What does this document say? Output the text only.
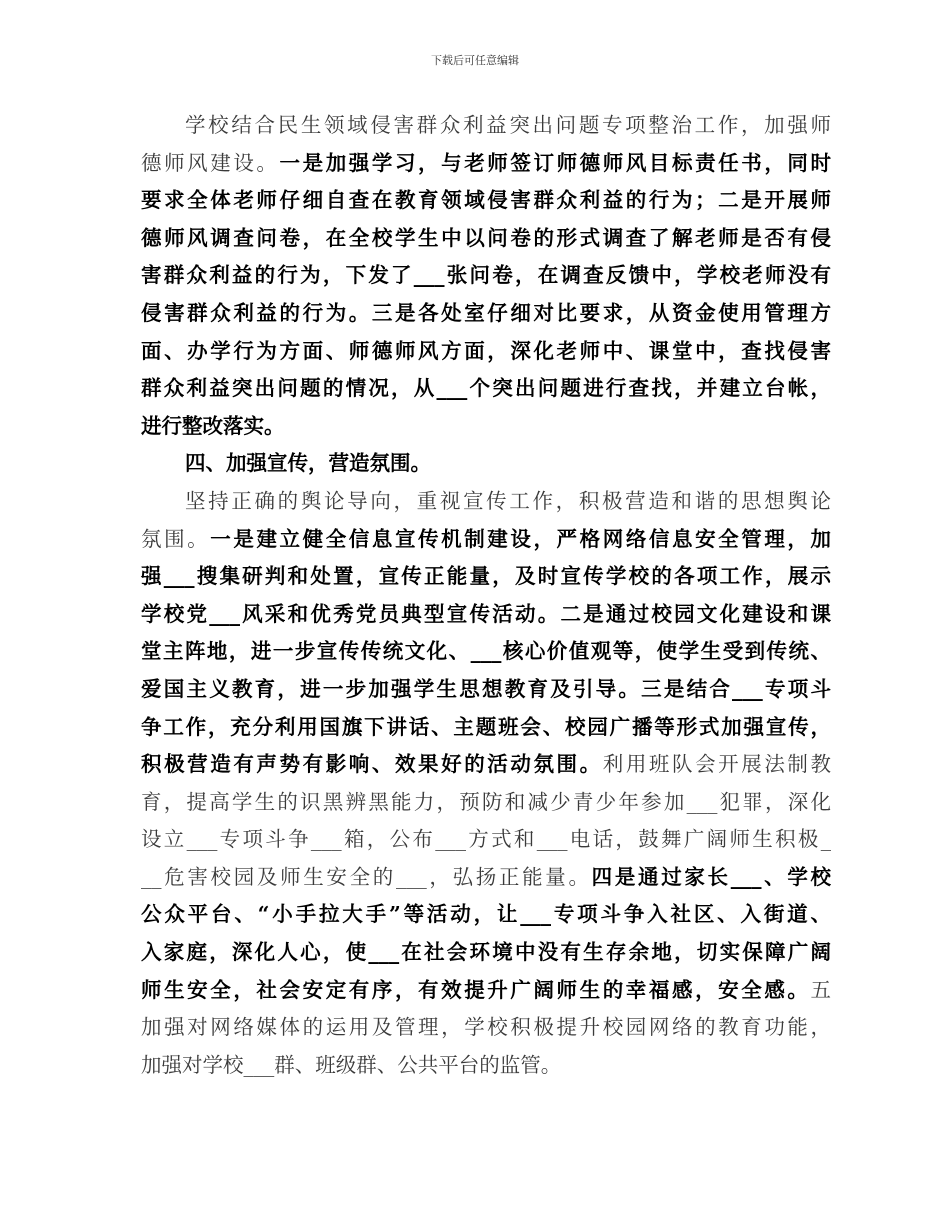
下载后可任意编辑
学校结合民生领域侵害群众利益突出问题专项整治工作，加强师
德师风建设。一是加强学习，与老师签订师德师风目标责任书，同时
要求全体老师仔细自查在教育领域侵害群众利益的行为；二是开展师
德师风调查问卷，在全校学生中以问卷的形式调查了解老师是否有侵
害群众利益的行为，下发了___张问卷，在调查反馈中，学校老师没有
侵害群众利益的行为。三是各处室仔细对比要求，从资金使用管理方
面、办学行为方面、师德师风方面，深化老师中、课堂中，查找侵害
群众利益突出问题的情况，从___个突出问题进行查找，并建立台帐，
进行整改落实。
四、加强宣传，营造氛围。
坚持正确的舆论导向，重视宣传工作，积极营造和谐的思想舆论
氛围。一是建立健全信息宣传机制建设，严格网络信息安全管理，加
强___搜集研判和处置，宣传正能量，及时宣传学校的各项工作，展示
学校党___风采和优秀党员典型宣传活动。二是通过校园文化建设和课
堂主阵地，进一步宣传传统文化、___核心价值观等，使学生受到传统、
爱国主义教育，进一步加强学生思想教育及引导。三是结合___专项斗
争工作，充分利用国旗下讲话、主题班会、校园广播等形式加强宣传，
积极营造有声势有影响、效果好的活动氛围。利用班队会开展法制教
育，提高学生的识黑辨黑能力，预防和减少青少年参加___犯罪，深化
设立___专项斗争___箱，公布___方式和___电话，鼓舞广阔师生积极_
__危害校园及师生安全的___，弘扬正能量。四是通过家长___、学校
公众平台、“小手拉大手”等活动，让___专项斗争入社区、入街道、
入家庭，深化人心，使___在社会环境中没有生存余地，切实保障广阔
师生安全，社会安定有序，有效提升广阔师生的幸福感，安全感。五
加强对网络媒体的运用及管理，学校积极提升校园网络的教育功能，
加强对学校___群、班级群、公共平台的监管。
